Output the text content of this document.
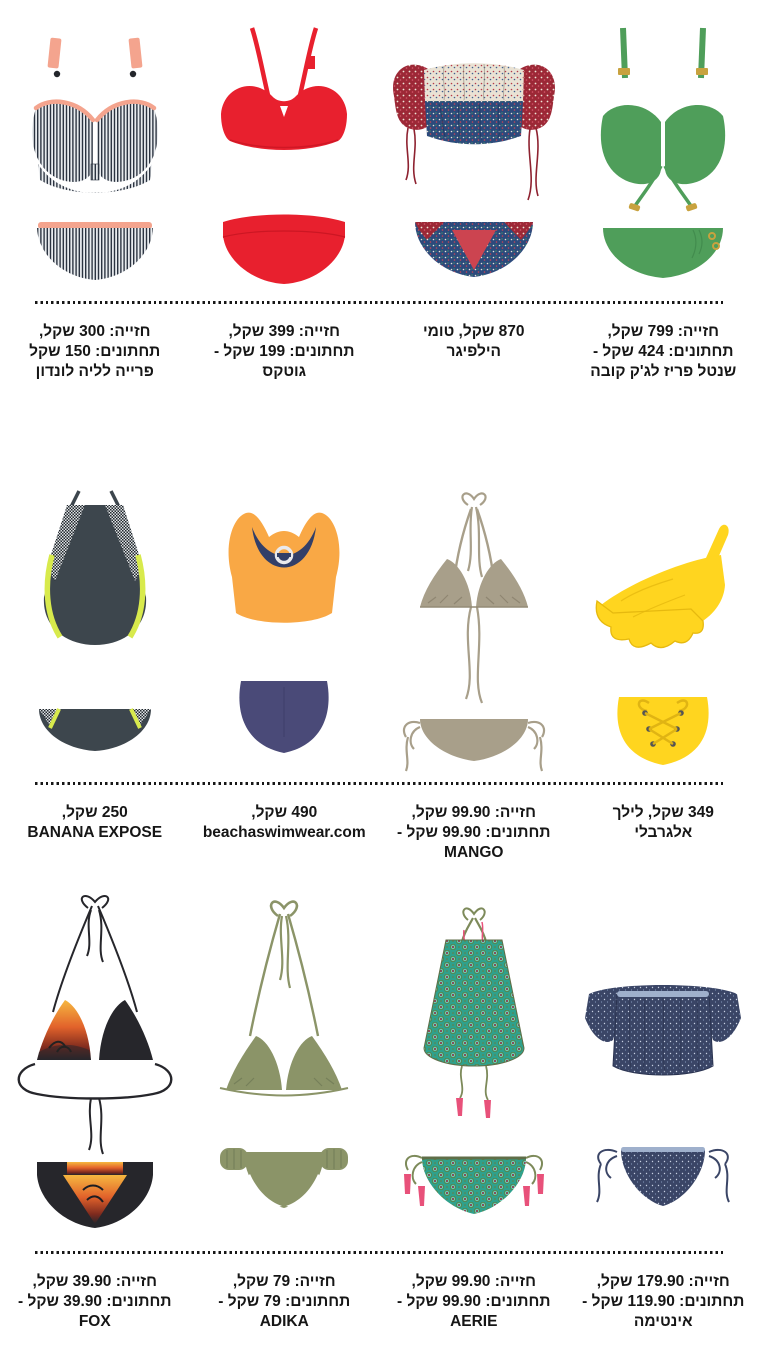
חזייה: 300 שקל,
תחתונים: 150 שקל
פרייה לליה לונדון
חזייה: 399 שקל,
תחתונים: 199 שקל -
גוטקס
870 שקל, טומי
הילפיגר
חזייה: 799 שקל,
תחתונים: 424 שקל -
שנטל פריז לג'ק קובה
250 שקל,
BANANA EXPOSE
490 שקל,
beachaswimwear.com
חזייה: 99.90 שקל,
תחתונים: 99.90 שקל -
MANGO
349 שקל, לילך
אלגרבלי
חזייה: 39.90 שקל,
תחתונים: 39.90 שקל -
FOX
חזייה: 79 שקל,
תחתונים: 79 שקל -
ADIKA
חזייה: 99.90 שקל,
תחתונים: 99.90 שקל -
AERIE
חזייה: 179.90 שקל,
תחתונים: 119.90 שקל -
אינטימה
